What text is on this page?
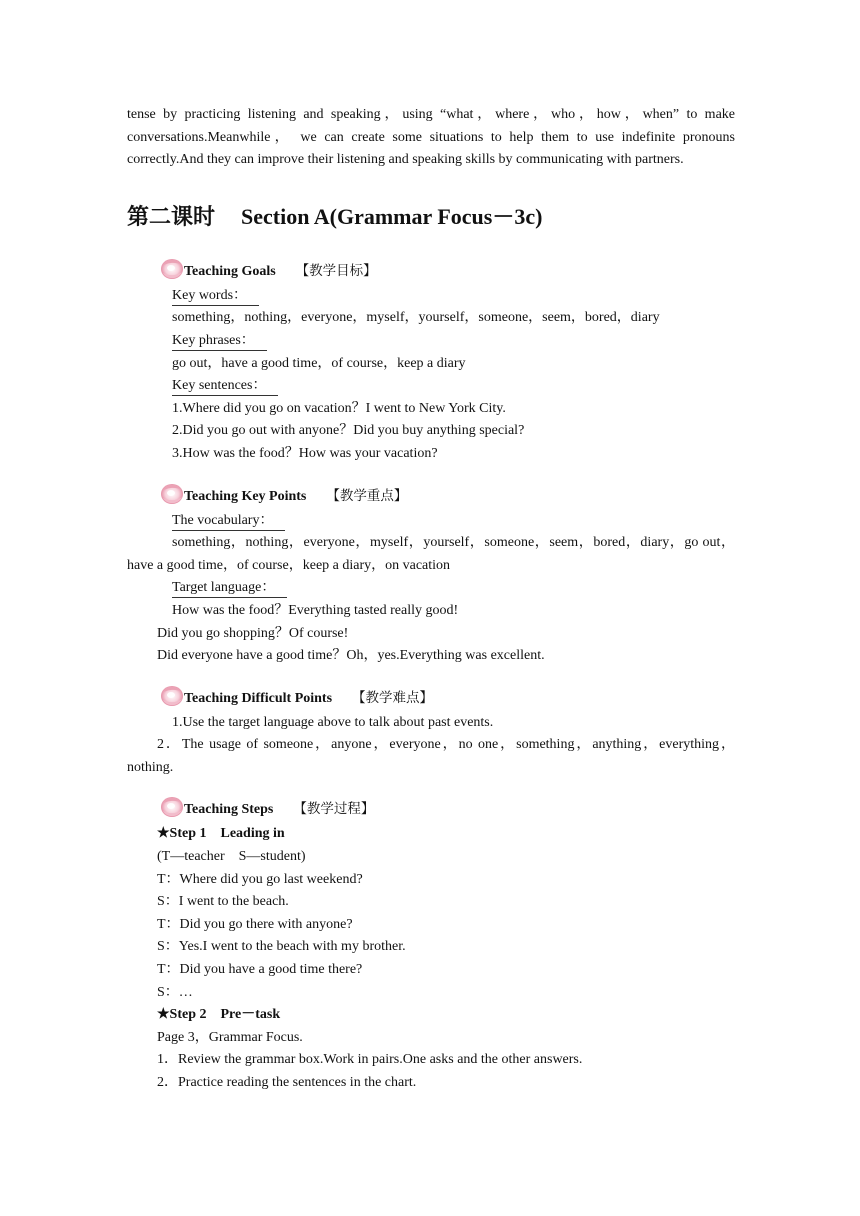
tense by practicing listening and speaking，using “what，where，who，how，when” to make conversations.Meanwhile， we can create some situations to help them to use indefinite pronouns correctly.And they can improve their listening and speaking skills by communicating with partners.

第二课时 Section A(Grammar Focus－3c)
Teaching Goals 【教学目标】

Key words：

something，nothing，everyone，myself，yourself，someone，seem，bored，diary

Key phrases：

go out，have a good time，of course，keep a diary

Key sentences：

1.Where did you go on vacation？I went to New York City.

2.Did you go out with anyone？Did you buy anything special?

3.How was the food？How was your vacation?

Teaching Key Points 【教学重点】

The vocabulary：

something，nothing，everyone，myself，yourself，someone，seem，bored，diary，go out，have a good time，of course，keep a diary，on vacation

Target language：

How was the food？Everything tasted really good!

Did you go shopping？Of course!

Did everyone have a good time？Oh，yes.Everything was excellent.

Teaching Difficult Points 【教学难点】

1.Use the target language above to talk about past events.

2．The usage of someone，anyone，everyone，no one，something，anything，everything，nothing.

Teaching Steps 【教学过程】

★Step 1　Leading in

(T—teacher　S—student)

T：Where did you go last weekend?

S：I went to the beach.

T：Did you go there with anyone?

S：Yes.I went to the beach with my brother.

T：Did you have a good time there?

S：…

★Step 2　Pre－task

Page 3，Grammar Focus.

1．Review the grammar box.Work in pairs.One asks and the other answers.

2．Practice reading the sentences in the chart.
